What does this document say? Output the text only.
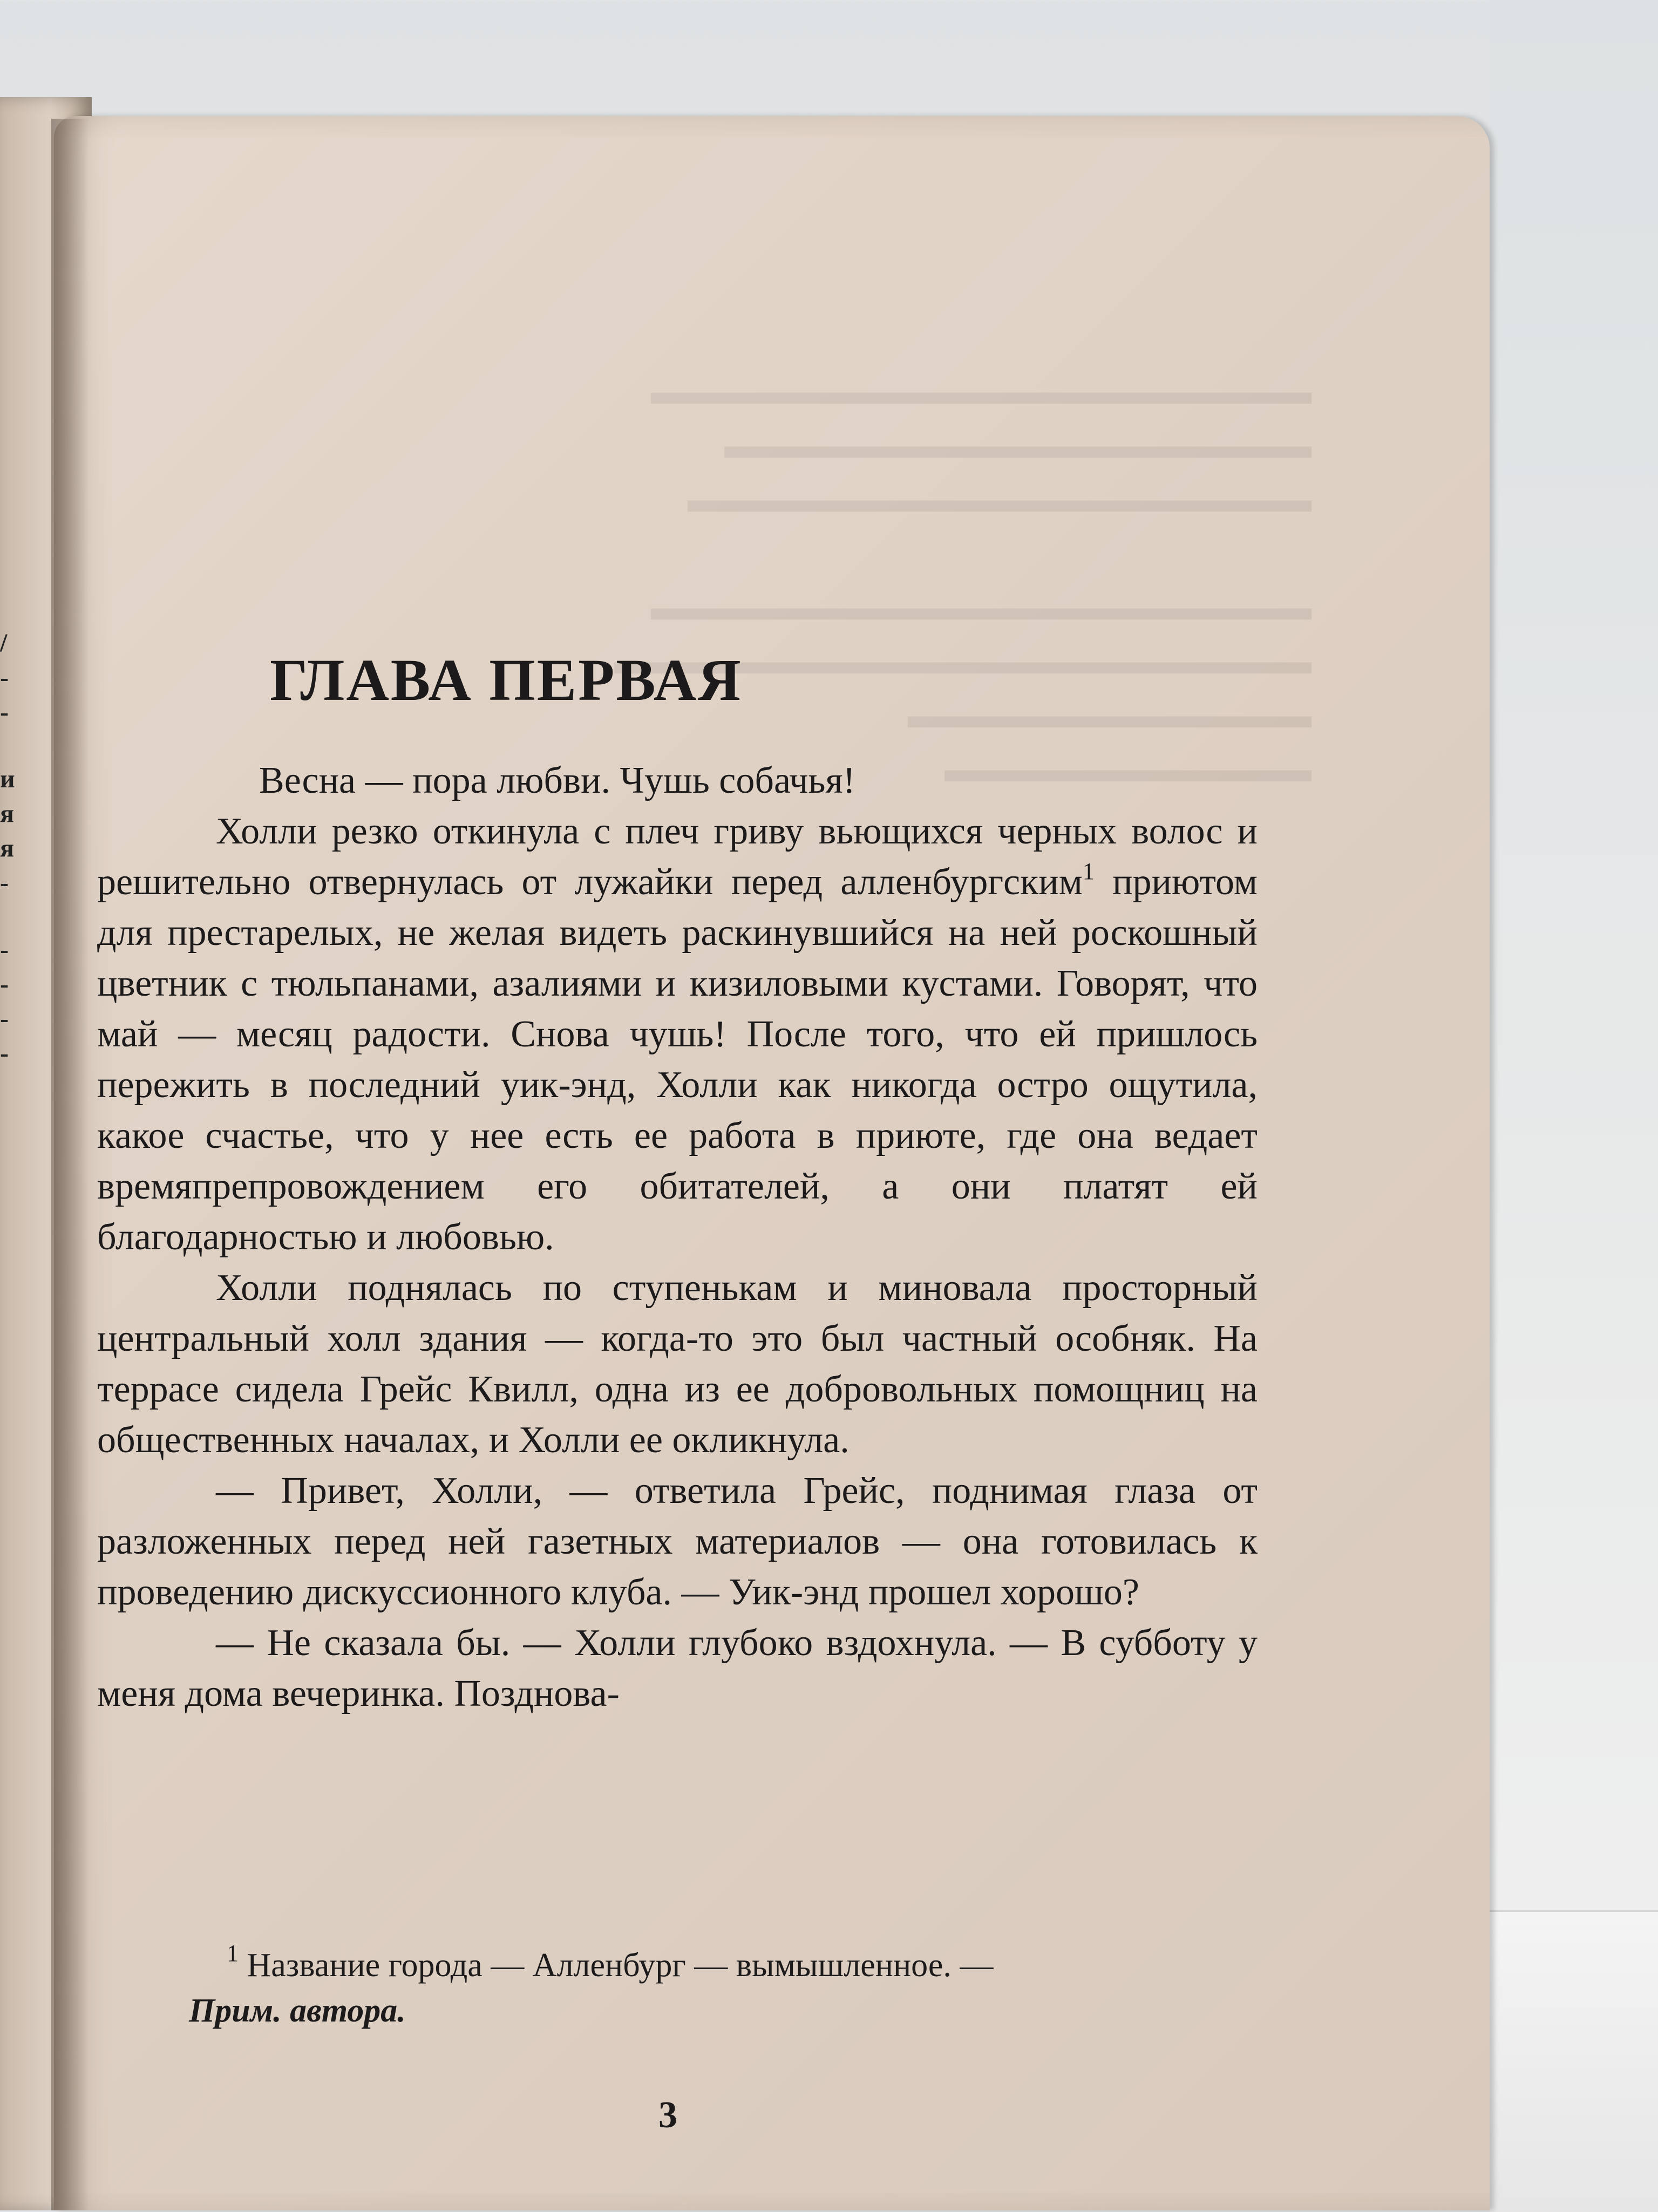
/
-
-
и
я
я
-
-
-
-
-
▬▬▬▬▬▬▬▬▬▬▬▬▬▬▬▬▬▬
▬▬▬▬▬▬▬▬▬▬▬▬▬▬▬▬
▬▬▬▬▬▬▬▬▬▬▬▬▬▬▬▬▬

▬▬▬▬▬▬▬▬▬▬▬▬▬▬▬▬▬▬
▬▬▬▬▬▬▬▬▬▬▬▬▬▬▬▬▬▬▬
▬▬▬▬▬▬▬▬▬▬▬
▬▬▬▬▬▬▬▬▬▬
ГЛАВА ПЕРВАЯ

Весна — пора любви. Чушь собачья!

Холли резко откинула с плеч гриву вьющихся черных волос и решительно отвернулась от лужайки перед алленбургским$^1$ приютом для престарелых, не желая видеть раскинувшийся на ней роскошный цветник с тюльпанами, азалиями и кизиловыми кустами. Говорят, что май — месяц радости. Снова чушь! После того, что ей пришлось пережить в последний уик-энд, Холли как никогда остро ощутила, какое счастье, что у нее есть ее работа в приюте, где она ведает времяпрепровождением его обитателей, а они платят ей благодарностью и любовью.

Холли поднялась по ступенькам и миновала просторный центральный холл здания — когда-то это был частный особняк. На террасе сидела Грейс Квилл, одна из ее добровольных помощниц на общественных началах, и Холли ее окликнула.

— Привет, Холли, — ответила Грейс, поднимая глаза от разложенных перед ней газетных материалов — она готовилась к проведению дискуссионного клуба. — Уик-энд прошел хорошо?

— Не сказала бы. — Холли глубоко вздохнула. — В субботу у меня дома вечеринка. Позднова-

$^1$ Название города — Алленбург — вымышленное. —
Прим. автора.
3
